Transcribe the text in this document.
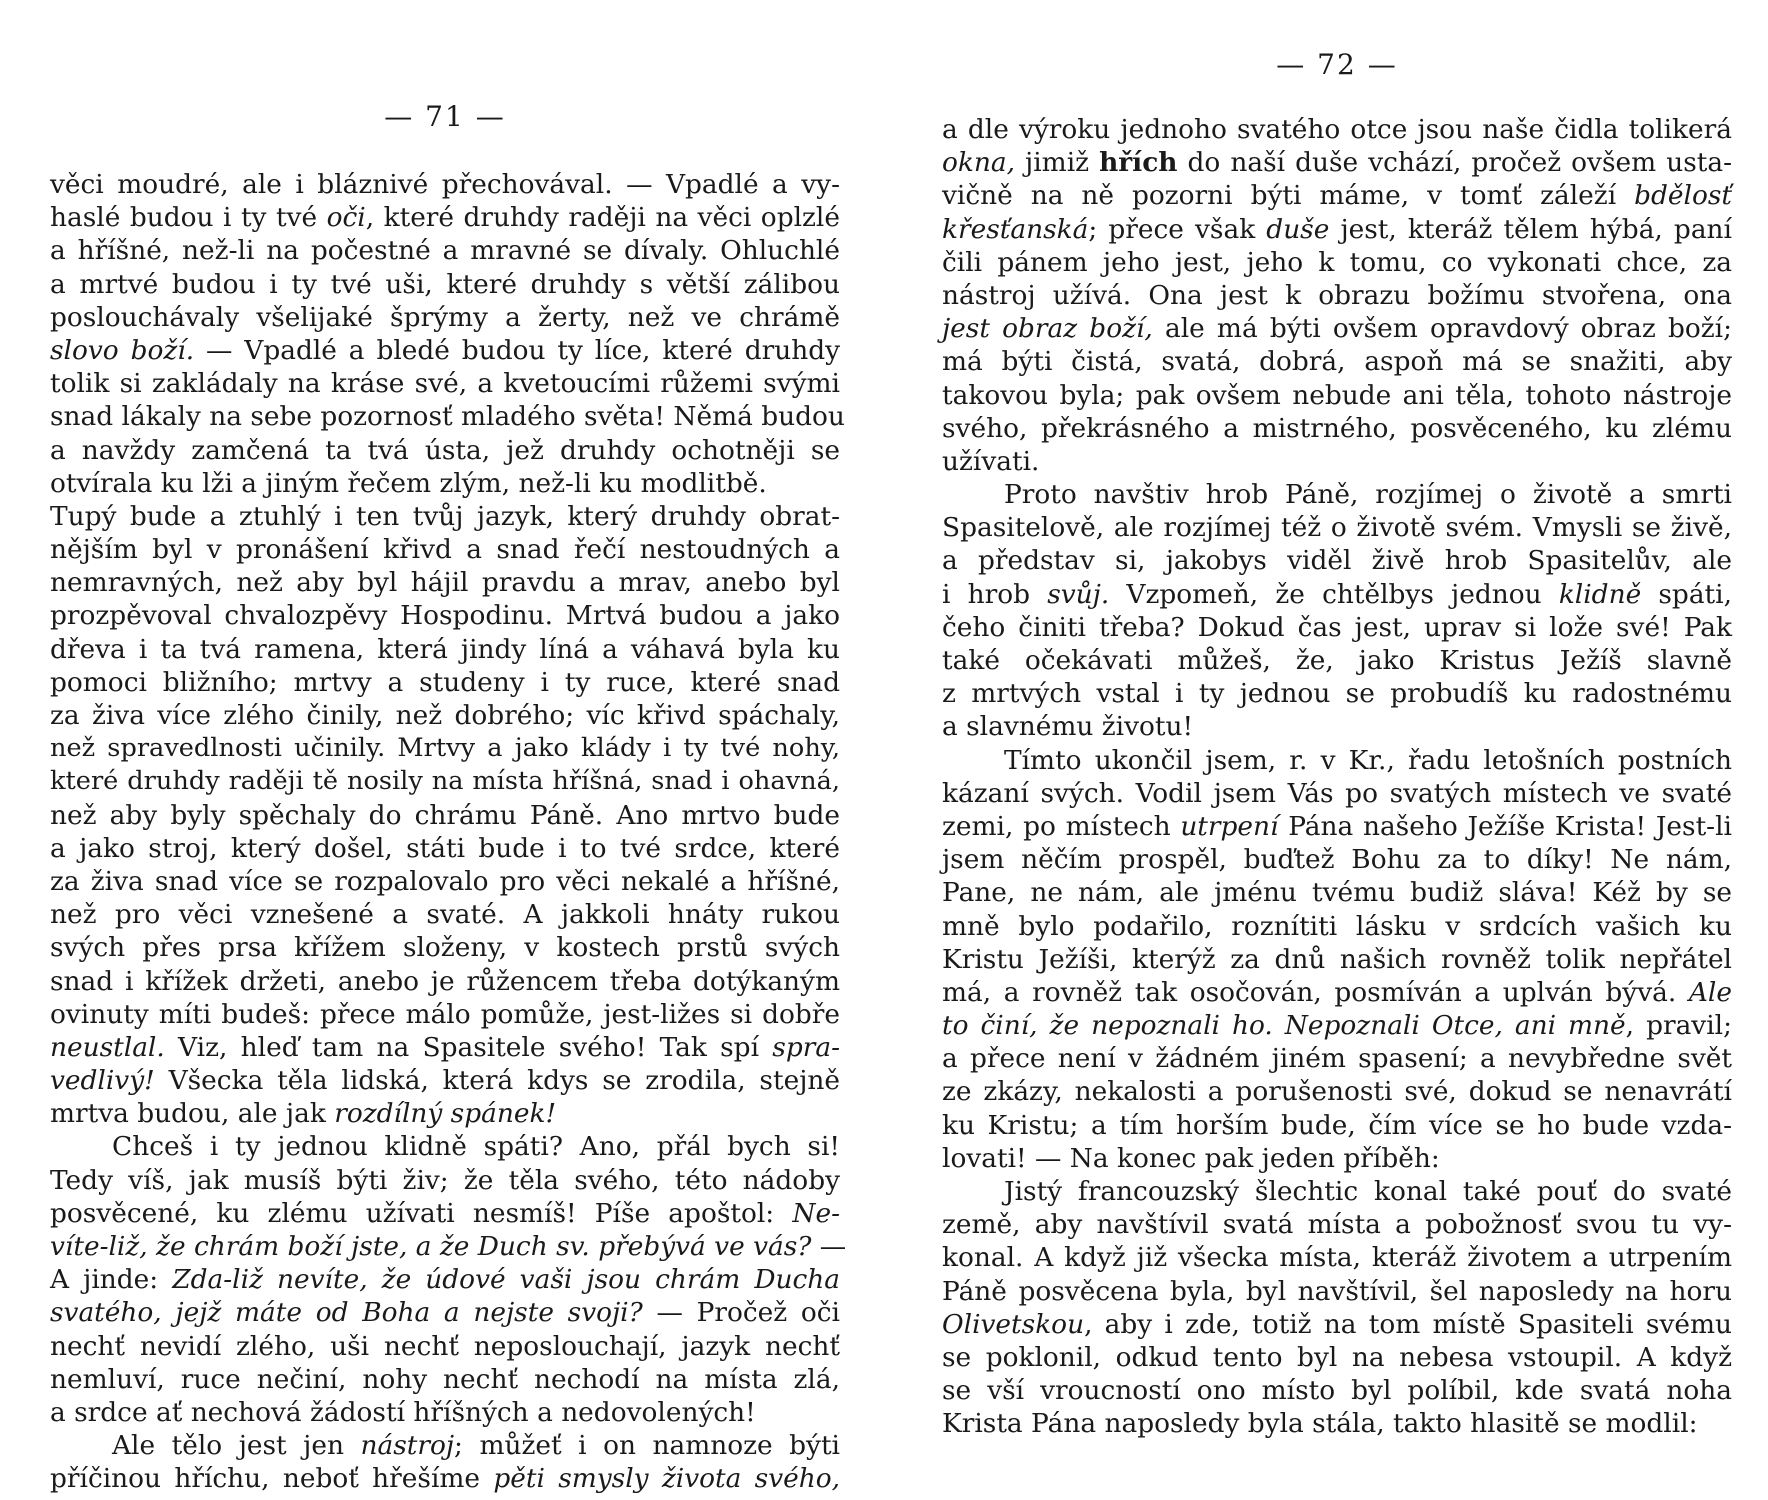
— 71 —
věci moudré, ale i bláznivé přechovával. — Vpadlé a vy-
haslé budou i ty tvé oči, které druhdy raději na věci oplzlé
a hříšné, než-li na počestné a mravné se dívaly. Ohluchlé
a mrtvé budou i ty tvé uši, které druhdy s větší zálibou
poslouchávaly všelijaké šprýmy a žerty, než ve chrámě
slovo boží. — Vpadlé a bledé budou ty líce, které druhdy
tolik si zakládaly na kráse své, a kvetoucími růžemi svými
snad lákaly na sebe pozornosť mladého světa! Němá budou
a navždy zamčená ta tvá ústa, jež druhdy ochotněji se
otvírala ku lži a jiným řečem zlým, než-li ku modlitbě.
Tupý bude a ztuhlý i ten tvůj jazyk, který druhdy obrat-
nějším byl v pronášení křivd a snad řečí nestoudných a
nemravných, než aby byl hájil pravdu a mrav, anebo byl
prozpěvoval chvalozpěvy Hospodinu. Mrtvá budou a jako
dřeva i ta tvá ramena, která jindy líná a váhavá byla ku
pomoci bližního; mrtvy a studeny i ty ruce, které snad
za živa více zlého činily, než dobrého; víc křivd spáchaly,
než spravedlnosti učinily. Mrtvy a jako klády i ty tvé nohy,
které druhdy raději tě nosily na místa hříšná, snad i ohavná,
než aby byly spěchaly do chrámu Páně. Ano mrtvo bude
a jako stroj, který došel, státi bude i to tvé srdce, které
za živa snad více se rozpalovalo pro věci nekalé a hříšné,
než pro věci vznešené a svaté. A jakkoli hnáty rukou
svých přes prsa křížem složeny, v kostech prstů svých
snad i křížek držeti, anebo je růžencem třeba dotýkaným
ovinuty míti budeš: přece málo pomůže, jest-ližes si dobře
neustlal. Viz, hleď tam na Spasitele svého! Tak spí spra-
vedlivý! Všecka těla lidská, která kdys se zrodila, stejně
mrtva budou, ale jak rozdílný spánek!
Chceš i ty jednou klidně spáti? Ano, přál bych si!
Tedy víš, jak musíš býti živ; že těla svého, této nádoby
posvěcené, ku zlému užívati nesmíš! Píše apoštol: Ne-
víte-liž, že chrám boží jste, a že Duch sv. přebývá ve vás? —
A jinde: Zda-liž nevíte, že údové vaši jsou chrám Ducha
svatého, jejž máte od Boha a nejste svoji? — Pročež oči
nechť nevidí zlého, uši nechť neposlouchají, jazyk nechť
nemluví, ruce nečiní, nohy nechť nechodí na místa zlá,
a srdce ať nechová žádostí hříšných a nedovolených!
Ale tělo jest jen nástroj; můžeť i on namnoze býti
příčinou hříchu, neboť hřešíme pěti smysly života svého,
— 72 —
a dle výroku jednoho svatého otce jsou naše čidla tolikerá
okna, jimiž hřích do naší duše vchází, pročež ovšem usta-
vičně na ně pozorni býti máme, v tomť záleží bdělosť
křesťanská; přece však duše jest, kteráž tělem hýbá, paní
čili pánem jeho jest, jeho k tomu, co vykonati chce, za
nástroj užívá. Ona jest k obrazu božímu stvořena, ona
jest obraz boží, ale má býti ovšem opravdový obraz boží;
má býti čistá, svatá, dobrá, aspoň má se snažiti, aby
takovou byla; pak ovšem nebude ani těla, tohoto nástroje
svého, překrásného a mistrného, posvěceného, ku zlému
užívati.
Proto navštiv hrob Páně, rozjímej o životě a smrti
Spasitelově, ale rozjímej též o životě svém. Vmysli se živě,
a představ si, jakobys viděl živě hrob Spasitelův, ale
i hrob svůj. Vzpomeň, že chtělbys jednou klidně spáti,
čeho činiti třeba? Dokud čas jest, uprav si lože své! Pak
také očekávati můžeš, že, jako Kristus Ježíš slavně
z mrtvých vstal i ty jednou se probudíš ku radostnému
a slavnému životu!
Tímto ukončil jsem, r. v Kr., řadu letošních postních
kázaní svých. Vodil jsem Vás po svatých místech ve svaté
zemi, po místech utrpení Pána našeho Ježíše Krista! Jest-li
jsem něčím prospěl, buďtež Bohu za to díky! Ne nám,
Pane, ne nám, ale jménu tvému budiž sláva! Kéž by se
mně bylo podařilo, roznítiti lásku v srdcích vašich ku
Kristu Ježíši, kterýž za dnů našich rovněž tolik nepřátel
má, a rovněž tak osočován, posmíván a uplván bývá. Ale
to činí, že nepoznali ho. Nepoznali Otce, ani mně, pravil;
a přece není v žádném jiném spasení; a nevybředne svět
ze zkázy, nekalosti a porušenosti své, dokud se nenavrátí
ku Kristu; a tím horším bude, čím více se ho bude vzda-
lovati! — Na konec pak jeden příběh:
Jistý francouzský šlechtic konal také pouť do svaté
země, aby navštívil svatá místa a pobožnosť svou tu vy-
konal. A když již všecka místa, kteráž životem a utrpením
Páně posvěcena byla, byl navštívil, šel naposledy na horu
Olivetskou, aby i zde, totiž na tom místě Spasiteli svému
se poklonil, odkud tento byl na nebesa vstoupil. A když
se vší vroucností ono místo byl políbil, kde svatá noha
Krista Pána naposledy byla stála, takto hlasitě se modlil:
